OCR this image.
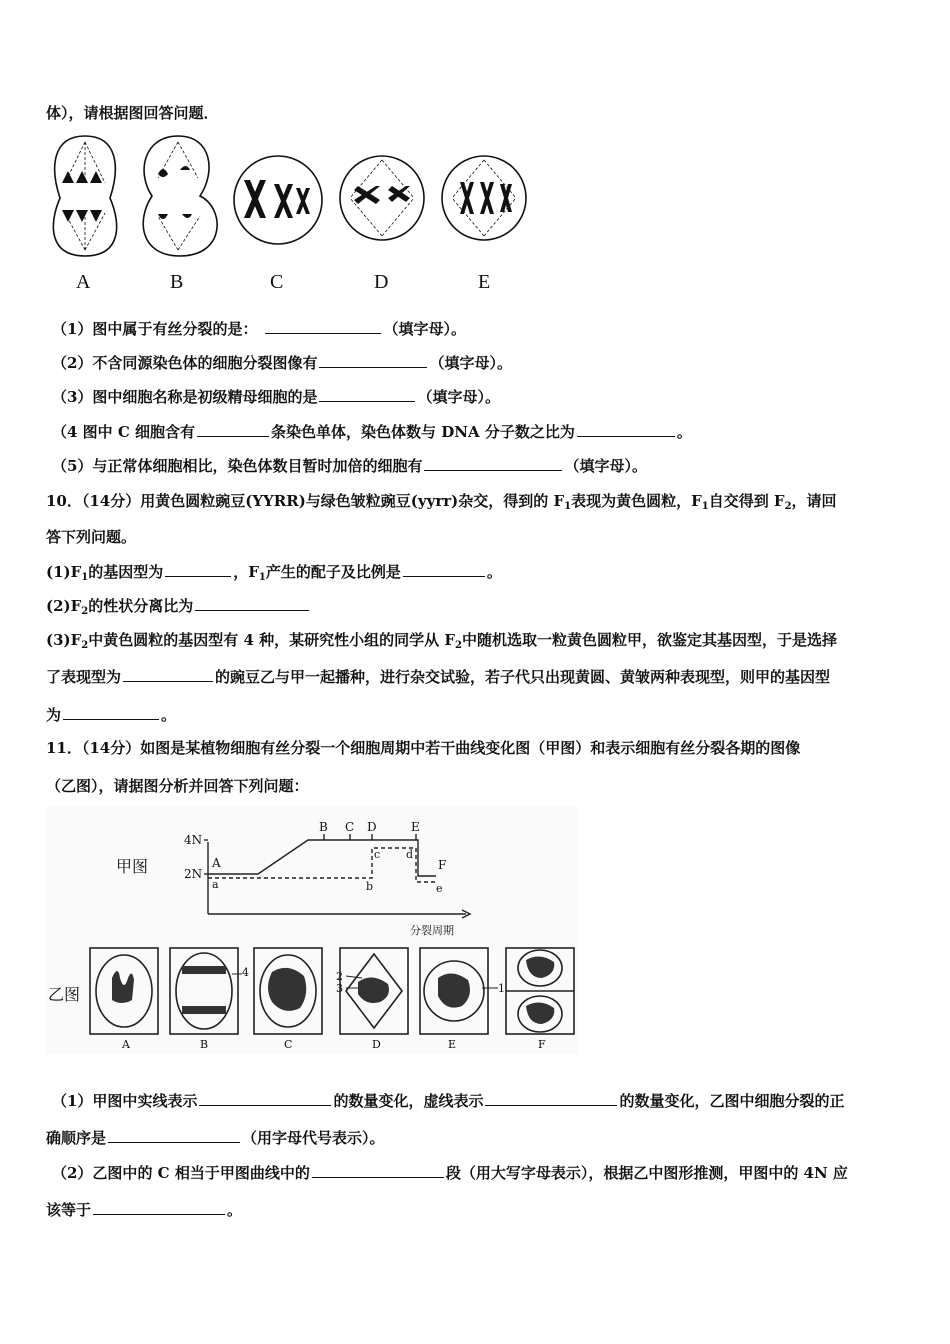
体），请根据图回答问题．
A	B	C	D	E
（1）图中属于有丝分裂的是：	（填字母）。
（2）不含同源染色体的细胞分裂图像有	（填字母）。
（3）图中细胞名称是初级精母细胞的是	（填字母）。
（4 图中 C 细胞含有	条染色单体，染色体数与 DNA 分子数之比为	。
（5）与正常体细胞相比，染色体数目暂时加倍的细胞有	（填字母）。
10．（14分）用黄色圆粒豌豆(YYRR)与绿色皱粒豌豆(yyrr)杂交，得到的 $F_1$表现为黄色圆粒，$F_1$自交得到 $F_2$，请回
答下列问题。
$(1)F_1$的基因型为	，$F_1$产生的配子及比例是	。
$(2)F_2$的性状分离比为
$(3)F_2$中黄色圆粒的基因型有 4 种，某研究性小组的同学从 $F_2$中随机选取一粒黄色圆粒甲，欲鉴定其基因型，于是选择
了表现型为	的豌豆乙与甲一起播种，进行杂交试验，若子代只出现黄圆、黄皱两种表现型，则甲的基因型
为	。
11．（14分）如图是某植物细胞有丝分裂一个细胞周期中若干曲线变化图（甲图）和表示细胞有丝分裂各期的图像
（乙图），请据图分析并回答下列问题：
甲图
4N
2N
A
B C D	E
F
a	b
c d
e
分裂周期
乙图
4	2
3	1
A	B	C	D	E	F
（1）甲图中实线表示	的数量变化，虚线表示	的数量变化，乙图中细胞分裂的正
确顺序是	（用字母代号表示）。
（2）乙图中的 C 相当于甲图曲线中的	段（用大写字母表示），根据乙中图形推测，甲图中的 4N 应
该等于	。
